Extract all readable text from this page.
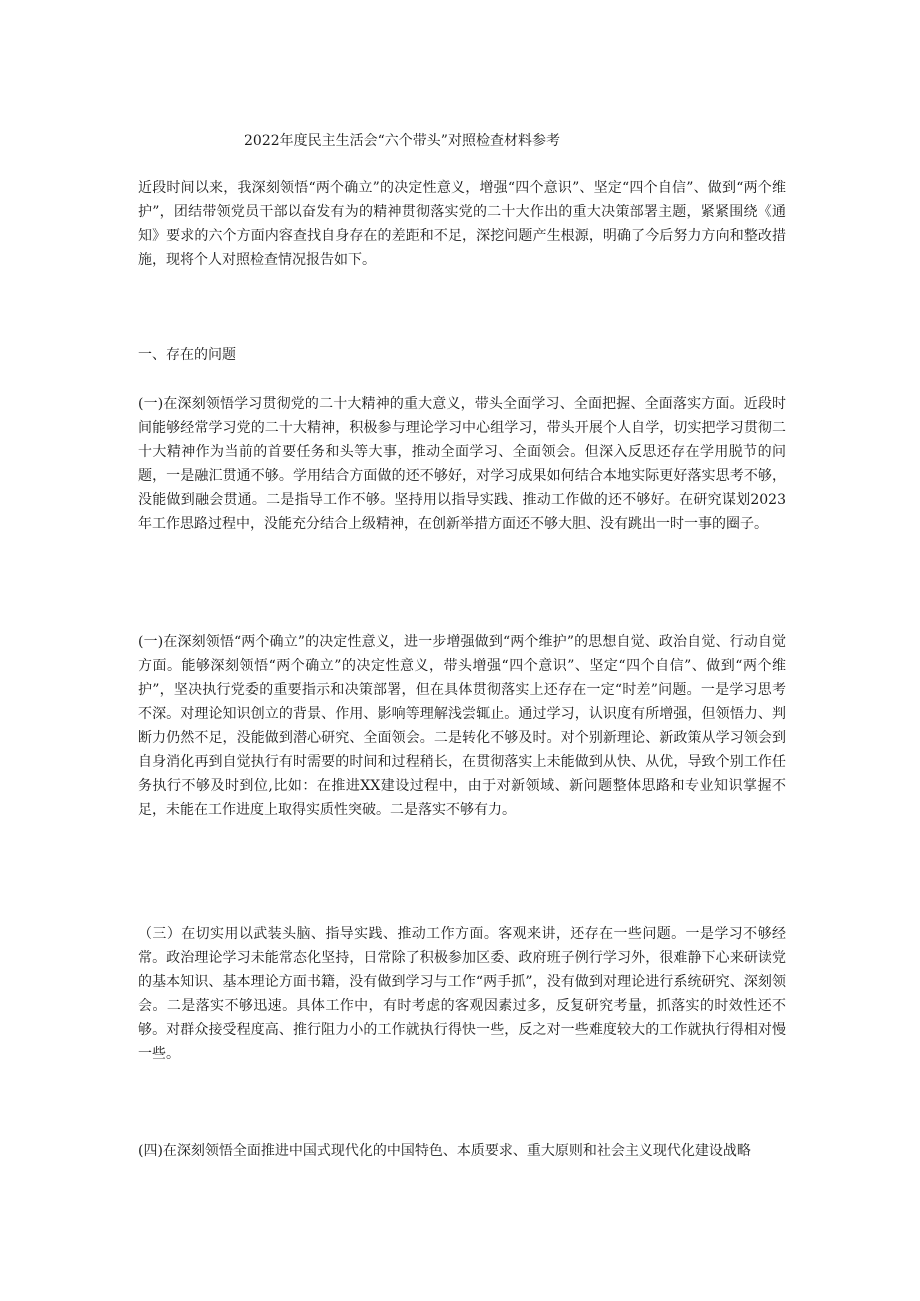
2022年度民主生活会“六个带头”对照检查材料参考

近段时间以来，我深刻领悟“两个确立”的决定性意义，增强“四个意识”、坚定“四个自信”、做到“两个维护”，团结带领党员干部以奋发有为的精神贯彻落实党的二十大作出的重大决策部署主题，紧紧围绕《通知》要求的六个方面内容查找自身存在的差距和不足，深挖问题产生根源，明确了今后努力方向和整改措施，现将个人对照检查情况报告如下。

一、存在的问题

(一)在深刻领悟学习贯彻党的二十大精神的重大意义，带头全面学习、全面把握、全面落实方面。近段时间能够经常学习党的二十大精神，积极参与理论学习中心组学习，带头开展个人自学，切实把学习贯彻二十大精神作为当前的首要任务和头等大事，推动全面学习、全面领会。但深入反思还存在学用脱节的问题，一是融汇贯通不够。学用结合方面做的还不够好，对学习成果如何结合本地实际更好落实思考不够，没能做到融会贯通。二是指导工作不够。坚持用以指导实践、推动工作做的还不够好。在研究谋划2023年工作思路过程中，没能充分结合上级精神，在创新举措方面还不够大胆、没有跳出一时一事的圈子。

(一)在深刻领悟“两个确立”的决定性意义，进一步增强做到“两个维护”的思想自觉、政治自觉、行动自觉方面。能够深刻领悟“两个确立”的决定性意义，带头增强“四个意识”、坚定“四个自信”、做到“两个维护”，坚决执行党委的重要指示和决策部署，但在具体贯彻落实上还存在一定“时差”问题。一是学习思考不深。对理论知识创立的背景、作用、影响等理解浅尝辄止。通过学习，认识度有所增强，但领悟力、判断力仍然不足，没能做到潜心研究、全面领会。二是转化不够及时。对个别新理论、新政策从学习领会到自身消化再到自觉执行有时需要的时间和过程稍长，在贯彻落实上未能做到从快、从优，导致个别工作任务执行不够及时到位,比如：在推进XX建设过程中，由于对新领域、新问题整体思路和专业知识掌握不足，未能在工作进度上取得实质性突破。二是落实不够有力。

（三）在切实用以武装头脑、指导实践、推动工作方面。客观来讲，还存在一些问题。一是学习不够经常。政治理论学习未能常态化坚持，日常除了积极参加区委、政府班子例行学习外，很难静下心来研读党的基本知识、基本理论方面书籍，没有做到学习与工作“两手抓”，没有做到对理论进行系统研究、深刻领会。二是落实不够迅速。具体工作中，有时考虑的客观因素过多，反复研究考量，抓落实的时效性还不够。对群众接受程度高、推行阻力小的工作就执行得快一些，反之对一些难度较大的工作就执行得相对慢一些。

(四)在深刻领悟全面推进中国式现代化的中国特色、本质要求、重大原则和社会主义现代化建设战略
